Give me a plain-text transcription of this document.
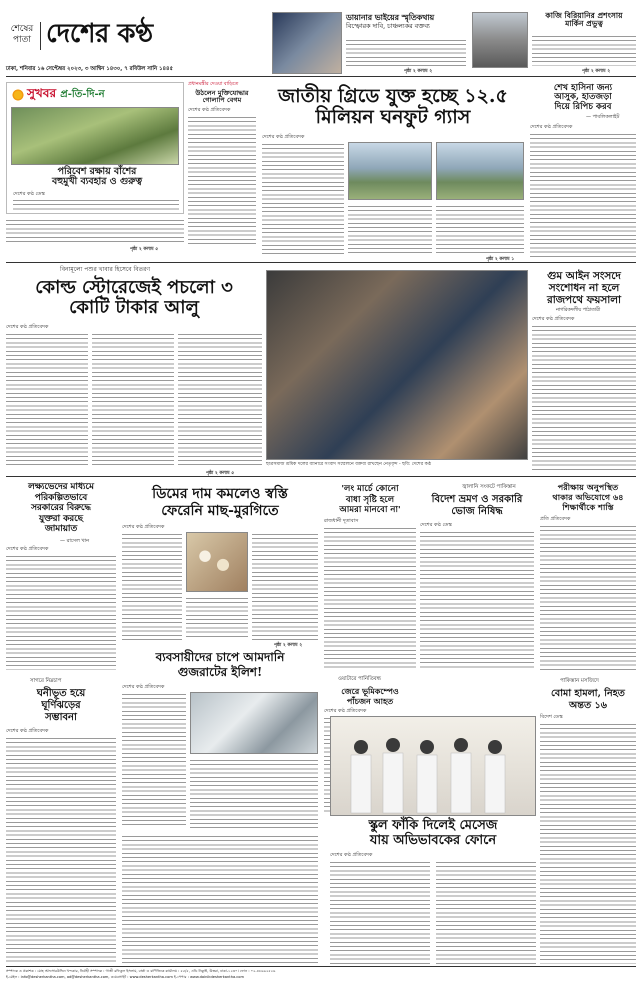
শেষের
পাতা দেশের কণ্ঠ
ঢাকা, শনিবার ১৬ সেপ্টেম্বর ২০২৩, ৩ আশ্বিন ১৪৩০, ৭ রবিউল সানি ১৪৪৫
ডায়ানার ভাইয়ের স্মৃতিকথায়
বিস্ফোরক দাবি, চাঞ্চল্যকর বক্তব্য
পৃষ্ঠা ২ কলাম ২
কাজি বিরিয়ানির প্রশংসায়
মার্কিন প্রভুত্ব
পৃষ্ঠা ২ কলাম ২
সুখবর প্র-তি-দি-ন
পরিবেশ রক্ষায় বাঁশের
বহুমুখী ব্যবহার ও গুরুত্ব
দেশের কণ্ঠ ডেস্ক
পৃষ্ঠা ২ কলাম ৫
প্রধানমন্ত্রীর দেওয়া বাড়িতে
উঠলেন মুক্তিযোদ্ধার
গোলাপি বেগম
দেশের কণ্ঠ প্রতিবেদক
জাতীয় গ্রিডে যুক্ত হচ্ছে ১২.৫
মিলিয়ন ঘনফুট গ্যাস
দেশের কণ্ঠ প্রতিবেদক
পৃষ্ঠা ২ কলাম ১
শেখ হাসিনা জন্য
আসুক, হাতজড়া
দিয়ে রিপিচ করব
— পাবলিকলাইট
দেশের কণ্ঠ প্রতিবেদক
বিনামূল্যে পশুর খাবার হিসেবে বিতরণ
কোল্ড স্টোরেজেই পচলো ৩
কোটি টাকার আলু
দেশের কণ্ঠ প্রতিবেদক
পৃষ্ঠা ২ কলাম ৫
ছাত্রসমাজ শ্রমিক দলের ব্যানারে সংবাদ সম্মেলনে বক্তব্য রাখছেন নেতৃবৃন্দ - ছবি: দেশের কণ্ঠ
গুম আইন সংসদে
সংশোধন না হলে
রাজপথে ফয়সালা
নাগরিকদলীয় পাঠাতারী
দেশের কণ্ঠ প্রতিবেদক
লক্ষ্যভেদের মাধ্যমে
পরিকল্পিতভাবে
সরকারের বিরুদ্ধে
যুক্তরা করছে
জামায়াত
— রাসেল খান
দেশের কণ্ঠ প্রতিবেদক
ডিমের দাম কমলেও স্বস্তি
ফেরেনি মাছ-মুরগিতে
দেশের কণ্ঠ প্রতিবেদক
পৃষ্ঠা ২ কলাম ২
'লং মার্চে কোনো
বাধা সৃষ্টি হলে
আমরা মানবো না'
রাজধানী দূতাবাস
জ্বালানি সংকটে পাকিস্তান
বিদেশ ভ্রমণ ও সরকারি
ভোজ নিষিদ্ধ
দেশের কণ্ঠ ডেস্ক
পরীক্ষায় অনুপস্থিত
থাকার অভিযোগে ৬৪
শিক্ষার্থীকে শাস্তি
প্রতি প্রতিবেদক
সাগরে নিম্নচাপ
ঘনীভূত হয়ে
ঘূর্ণিঝড়ের
সম্ভাবনা
দেশের কণ্ঠ প্রতিবেদক
ব্যবসায়ীদের চাপে আমদানি
গুজরাটের ইলিশ!
দেশের কণ্ঠ প্রতিবেদক
ওয়াটারে পানিতিবন্ধ
জেরে ভূমিকম্পেও
পাঁচজন আহত
দেশের কণ্ঠ প্রতিবেদক
স্কুল ফাঁকি দিলেই মেসেজ
যায় অভিভাবকের ফোনে
দেশের কণ্ঠ প্রতিবেদক
পাকিস্তান মসজিদে
বোমা হামলা, নিহত
অন্তত ১৬
বিদেশ ডেস্ক
সম্পাদক ও প্রকাশক : মোহ আফসারউদ্দিন খন্দকার, নির্বাহী সম্পাদক : গাজী রফিকুল ইসলাম, বার্তা ও বাণিজ্যিক কার্যালয় : ৫৫/৫, এডি নিকুঞ্জ, উত্তরা, ঢাকা-১২৩০। ফোন : ০২-৪৮৯৬২৫২৬
ই-মেইল : info@desherkantha.com, ad@desherkantha.com, ওয়েবসাইট : www.desherkantha.com ই-পেপার : www.dainikdesherkantha.com
